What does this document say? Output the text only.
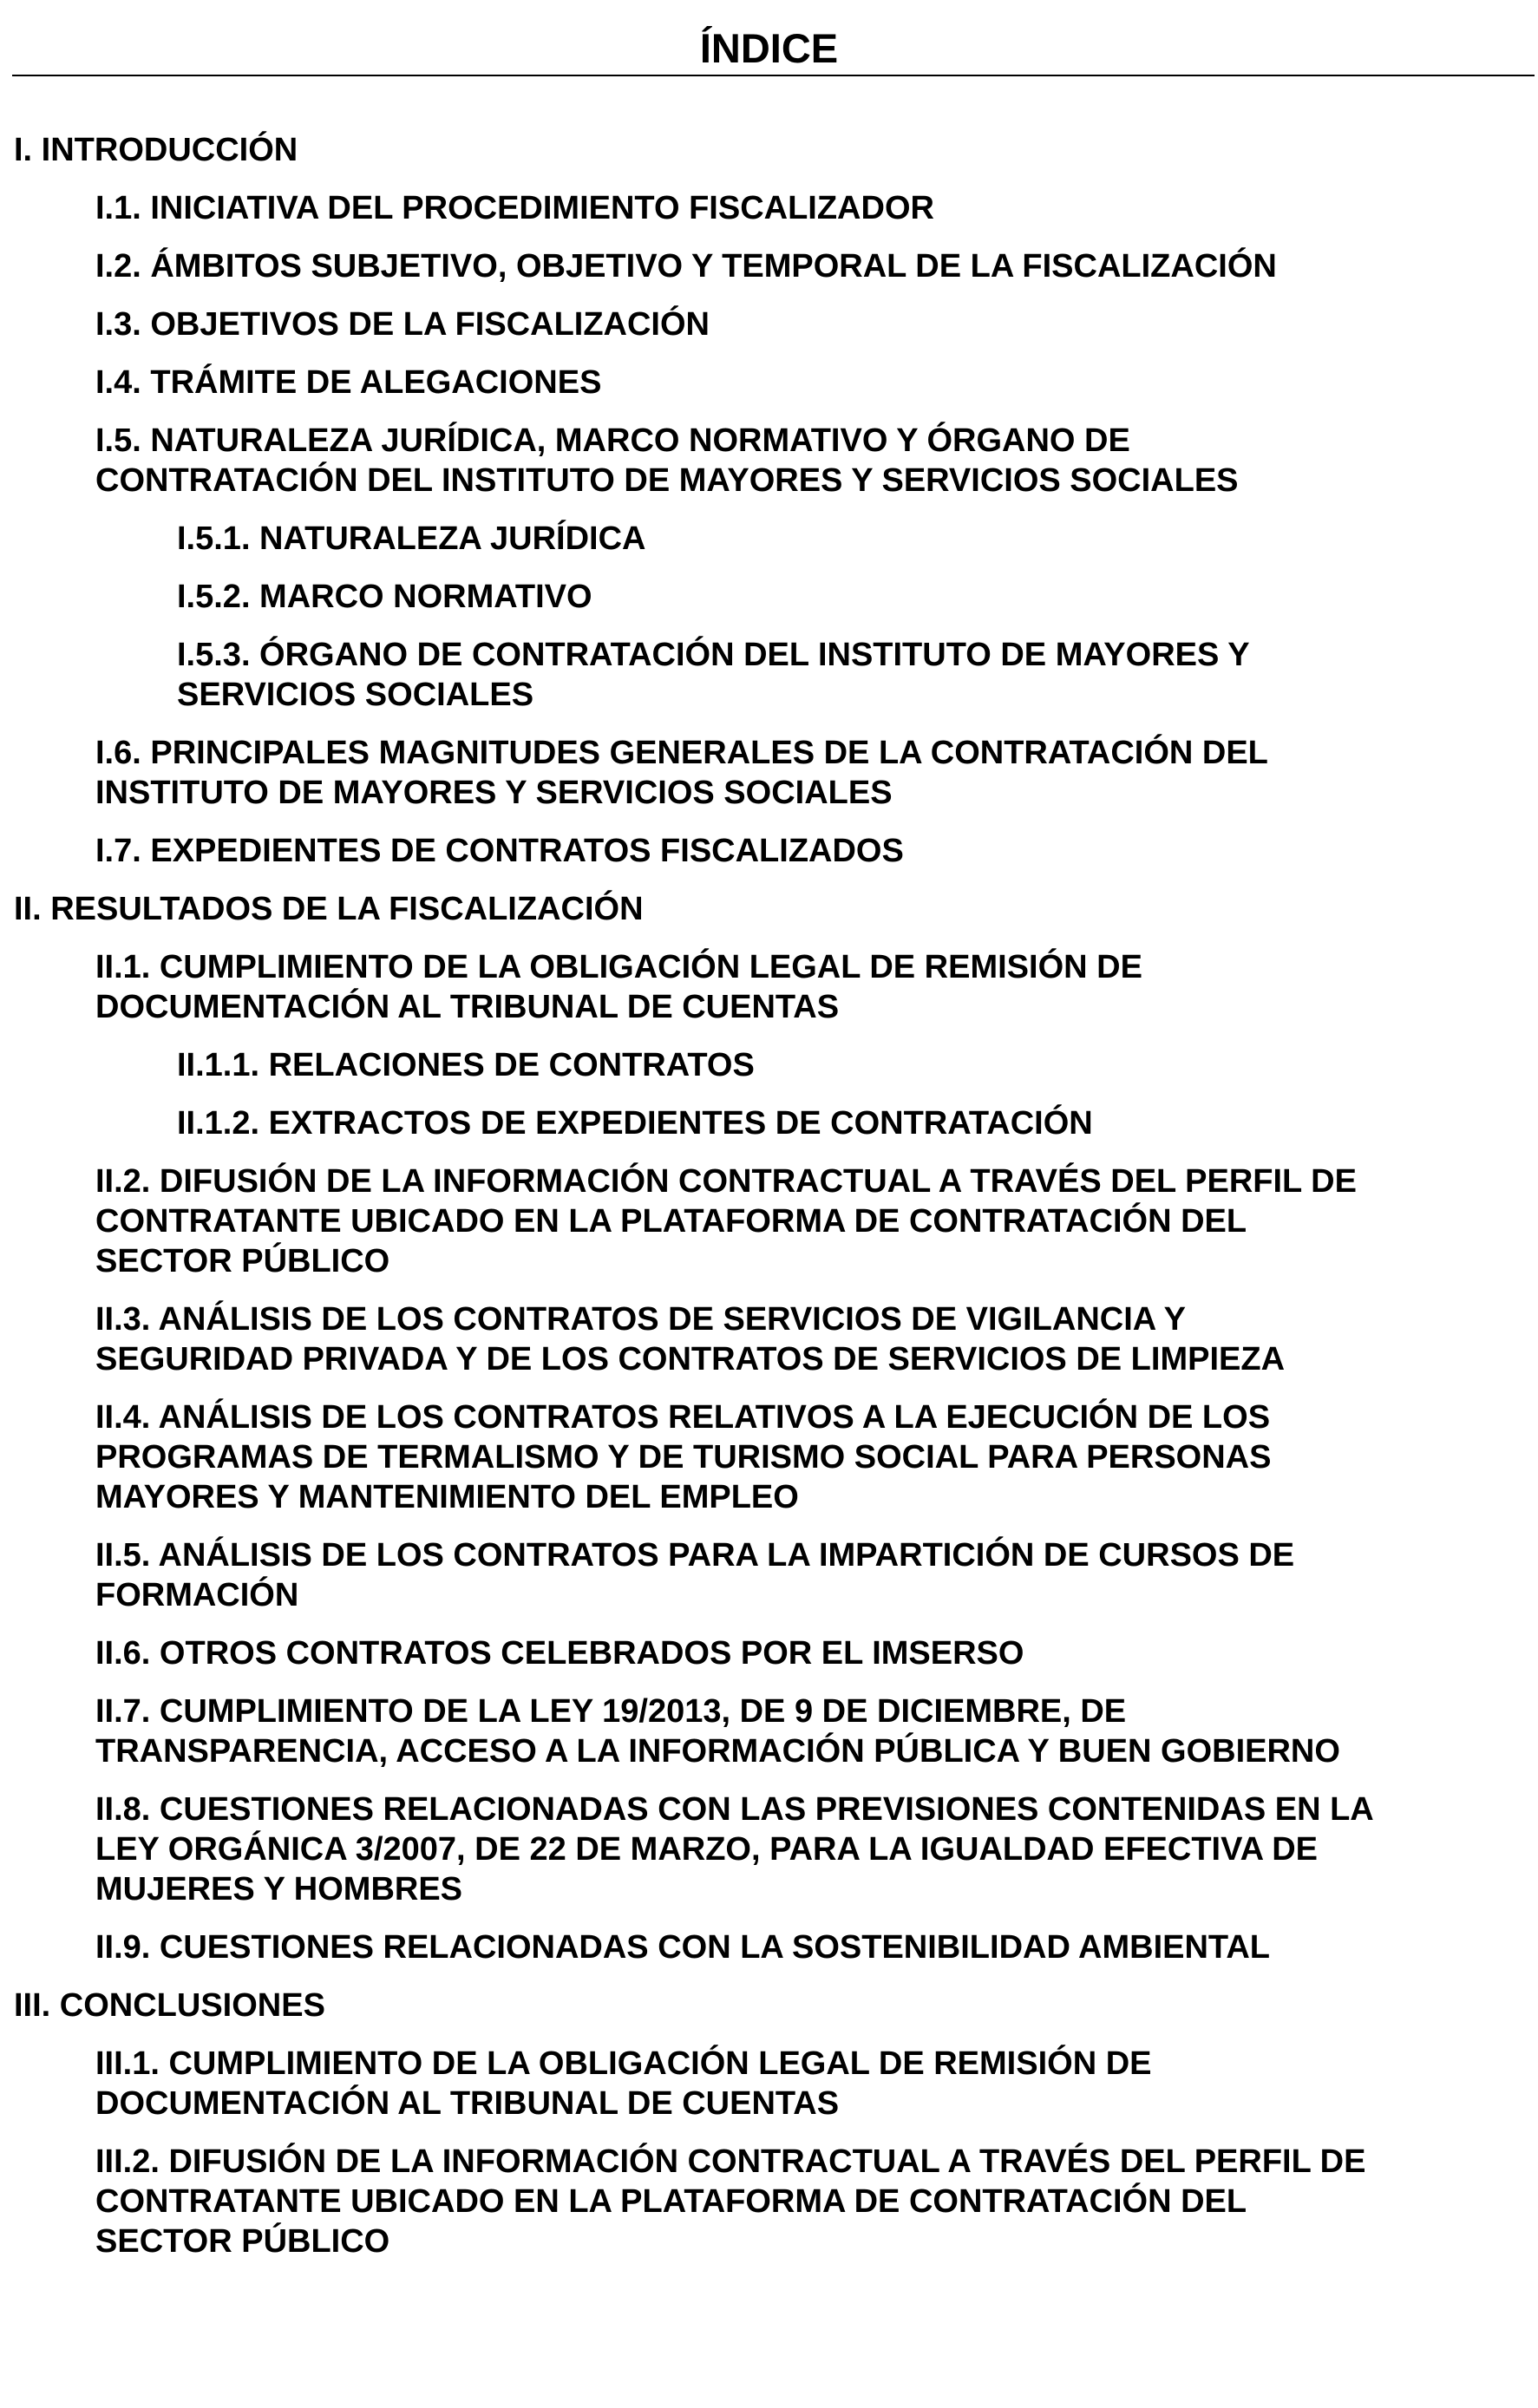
ÍNDICE
I. INTRODUCCIÓN
I.1. INICIATIVA DEL PROCEDIMIENTO FISCALIZADOR
I.2. ÁMBITOS SUBJETIVO, OBJETIVO Y TEMPORAL DE LA FISCALIZACIÓN
I.3. OBJETIVOS DE LA FISCALIZACIÓN
I.4. TRÁMITE DE ALEGACIONES
I.5. NATURALEZA JURÍDICA, MARCO NORMATIVO Y ÓRGANO DE
CONTRATACIÓN DEL INSTITUTO DE MAYORES Y SERVICIOS SOCIALES
I.5.1. NATURALEZA JURÍDICA
I.5.2. MARCO NORMATIVO
I.5.3. ÓRGANO DE CONTRATACIÓN DEL INSTITUTO DE MAYORES Y
SERVICIOS SOCIALES
I.6. PRINCIPALES MAGNITUDES GENERALES DE LA CONTRATACIÓN DEL
INSTITUTO DE MAYORES Y SERVICIOS SOCIALES
I.7. EXPEDIENTES DE CONTRATOS FISCALIZADOS
II. RESULTADOS DE LA FISCALIZACIÓN
II.1. CUMPLIMIENTO DE LA OBLIGACIÓN LEGAL DE REMISIÓN DE
DOCUMENTACIÓN AL TRIBUNAL DE CUENTAS
II.1.1. RELACIONES DE CONTRATOS
II.1.2. EXTRACTOS DE EXPEDIENTES DE CONTRATACIÓN
II.2. DIFUSIÓN DE LA INFORMACIÓN CONTRACTUAL A TRAVÉS DEL PERFIL DE
CONTRATANTE UBICADO EN LA PLATAFORMA DE CONTRATACIÓN DEL
SECTOR PÚBLICO
II.3. ANÁLISIS DE LOS CONTRATOS DE SERVICIOS DE VIGILANCIA Y
SEGURIDAD PRIVADA Y DE LOS CONTRATOS DE SERVICIOS DE LIMPIEZA
II.4. ANÁLISIS DE LOS CONTRATOS RELATIVOS A LA EJECUCIÓN DE LOS
PROGRAMAS DE TERMALISMO Y DE TURISMO SOCIAL PARA PERSONAS
MAYORES Y MANTENIMIENTO DEL EMPLEO
II.5. ANÁLISIS DE LOS CONTRATOS PARA LA IMPARTICIÓN DE CURSOS DE
FORMACIÓN
II.6. OTROS CONTRATOS CELEBRADOS POR EL IMSERSO
II.7. CUMPLIMIENTO DE LA LEY 19/2013, DE 9 DE DICIEMBRE, DE
TRANSPARENCIA, ACCESO A LA INFORMACIÓN PÚBLICA Y BUEN GOBIERNO
II.8. CUESTIONES RELACIONADAS CON LAS PREVISIONES CONTENIDAS EN LA
LEY ORGÁNICA 3/2007, DE 22 DE MARZO, PARA LA IGUALDAD EFECTIVA DE
MUJERES Y HOMBRES
II.9. CUESTIONES RELACIONADAS CON LA SOSTENIBILIDAD AMBIENTAL
III. CONCLUSIONES
III.1. CUMPLIMIENTO DE LA OBLIGACIÓN LEGAL DE REMISIÓN DE
DOCUMENTACIÓN AL TRIBUNAL DE CUENTAS
III.2. DIFUSIÓN DE LA INFORMACIÓN CONTRACTUAL A TRAVÉS DEL PERFIL DE
CONTRATANTE UBICADO EN LA PLATAFORMA DE CONTRATACIÓN DEL
SECTOR PÚBLICO
